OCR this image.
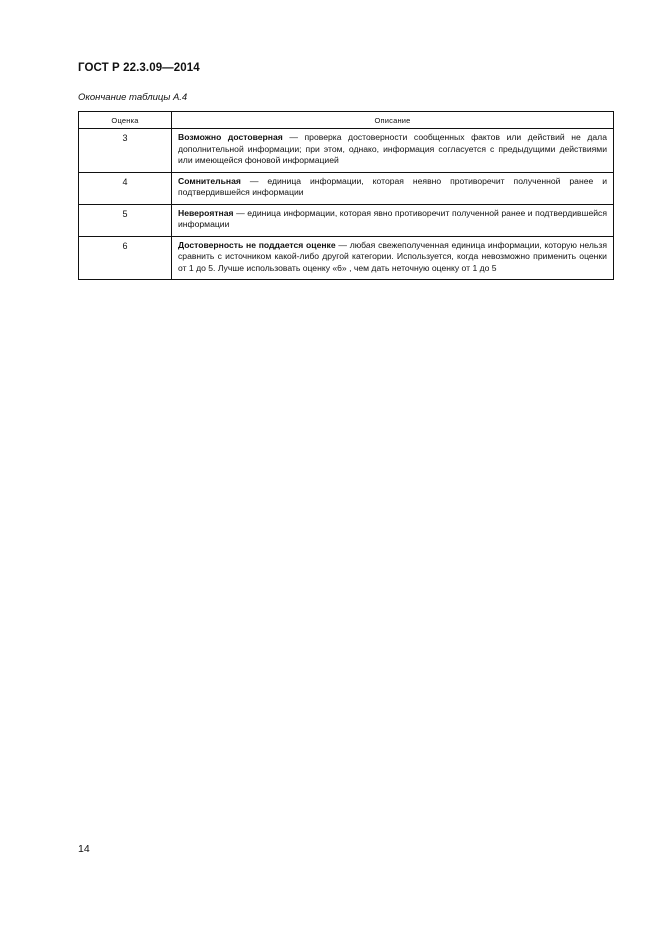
ГОСТ Р 22.3.09—2014
Окончание таблицы А.4
Оценка	Описание
3	Возможно достоверная — проверка достоверности сообщенных фактов или действий не дала дополнительной информации; при этом, однако, информация согласуется с предыдущими действиями или имеющейся фоновой информацией
4	Сомнительная — единица информации, которая неявно противоречит полученной ранее и подтвердившейся информации
5	Невероятная — единица информации, которая явно противоречит полученной ранее и подтвердившейся информации
6	Достоверность не поддается оценке — любая свежеполученная единица информации, которую нельзя сравнить с источником какой-либо другой категории. Используется, когда невозможно применить оценки от 1 до 5. Лучше использовать оценку «6» , чем дать неточную оценку от 1 до 5
14
